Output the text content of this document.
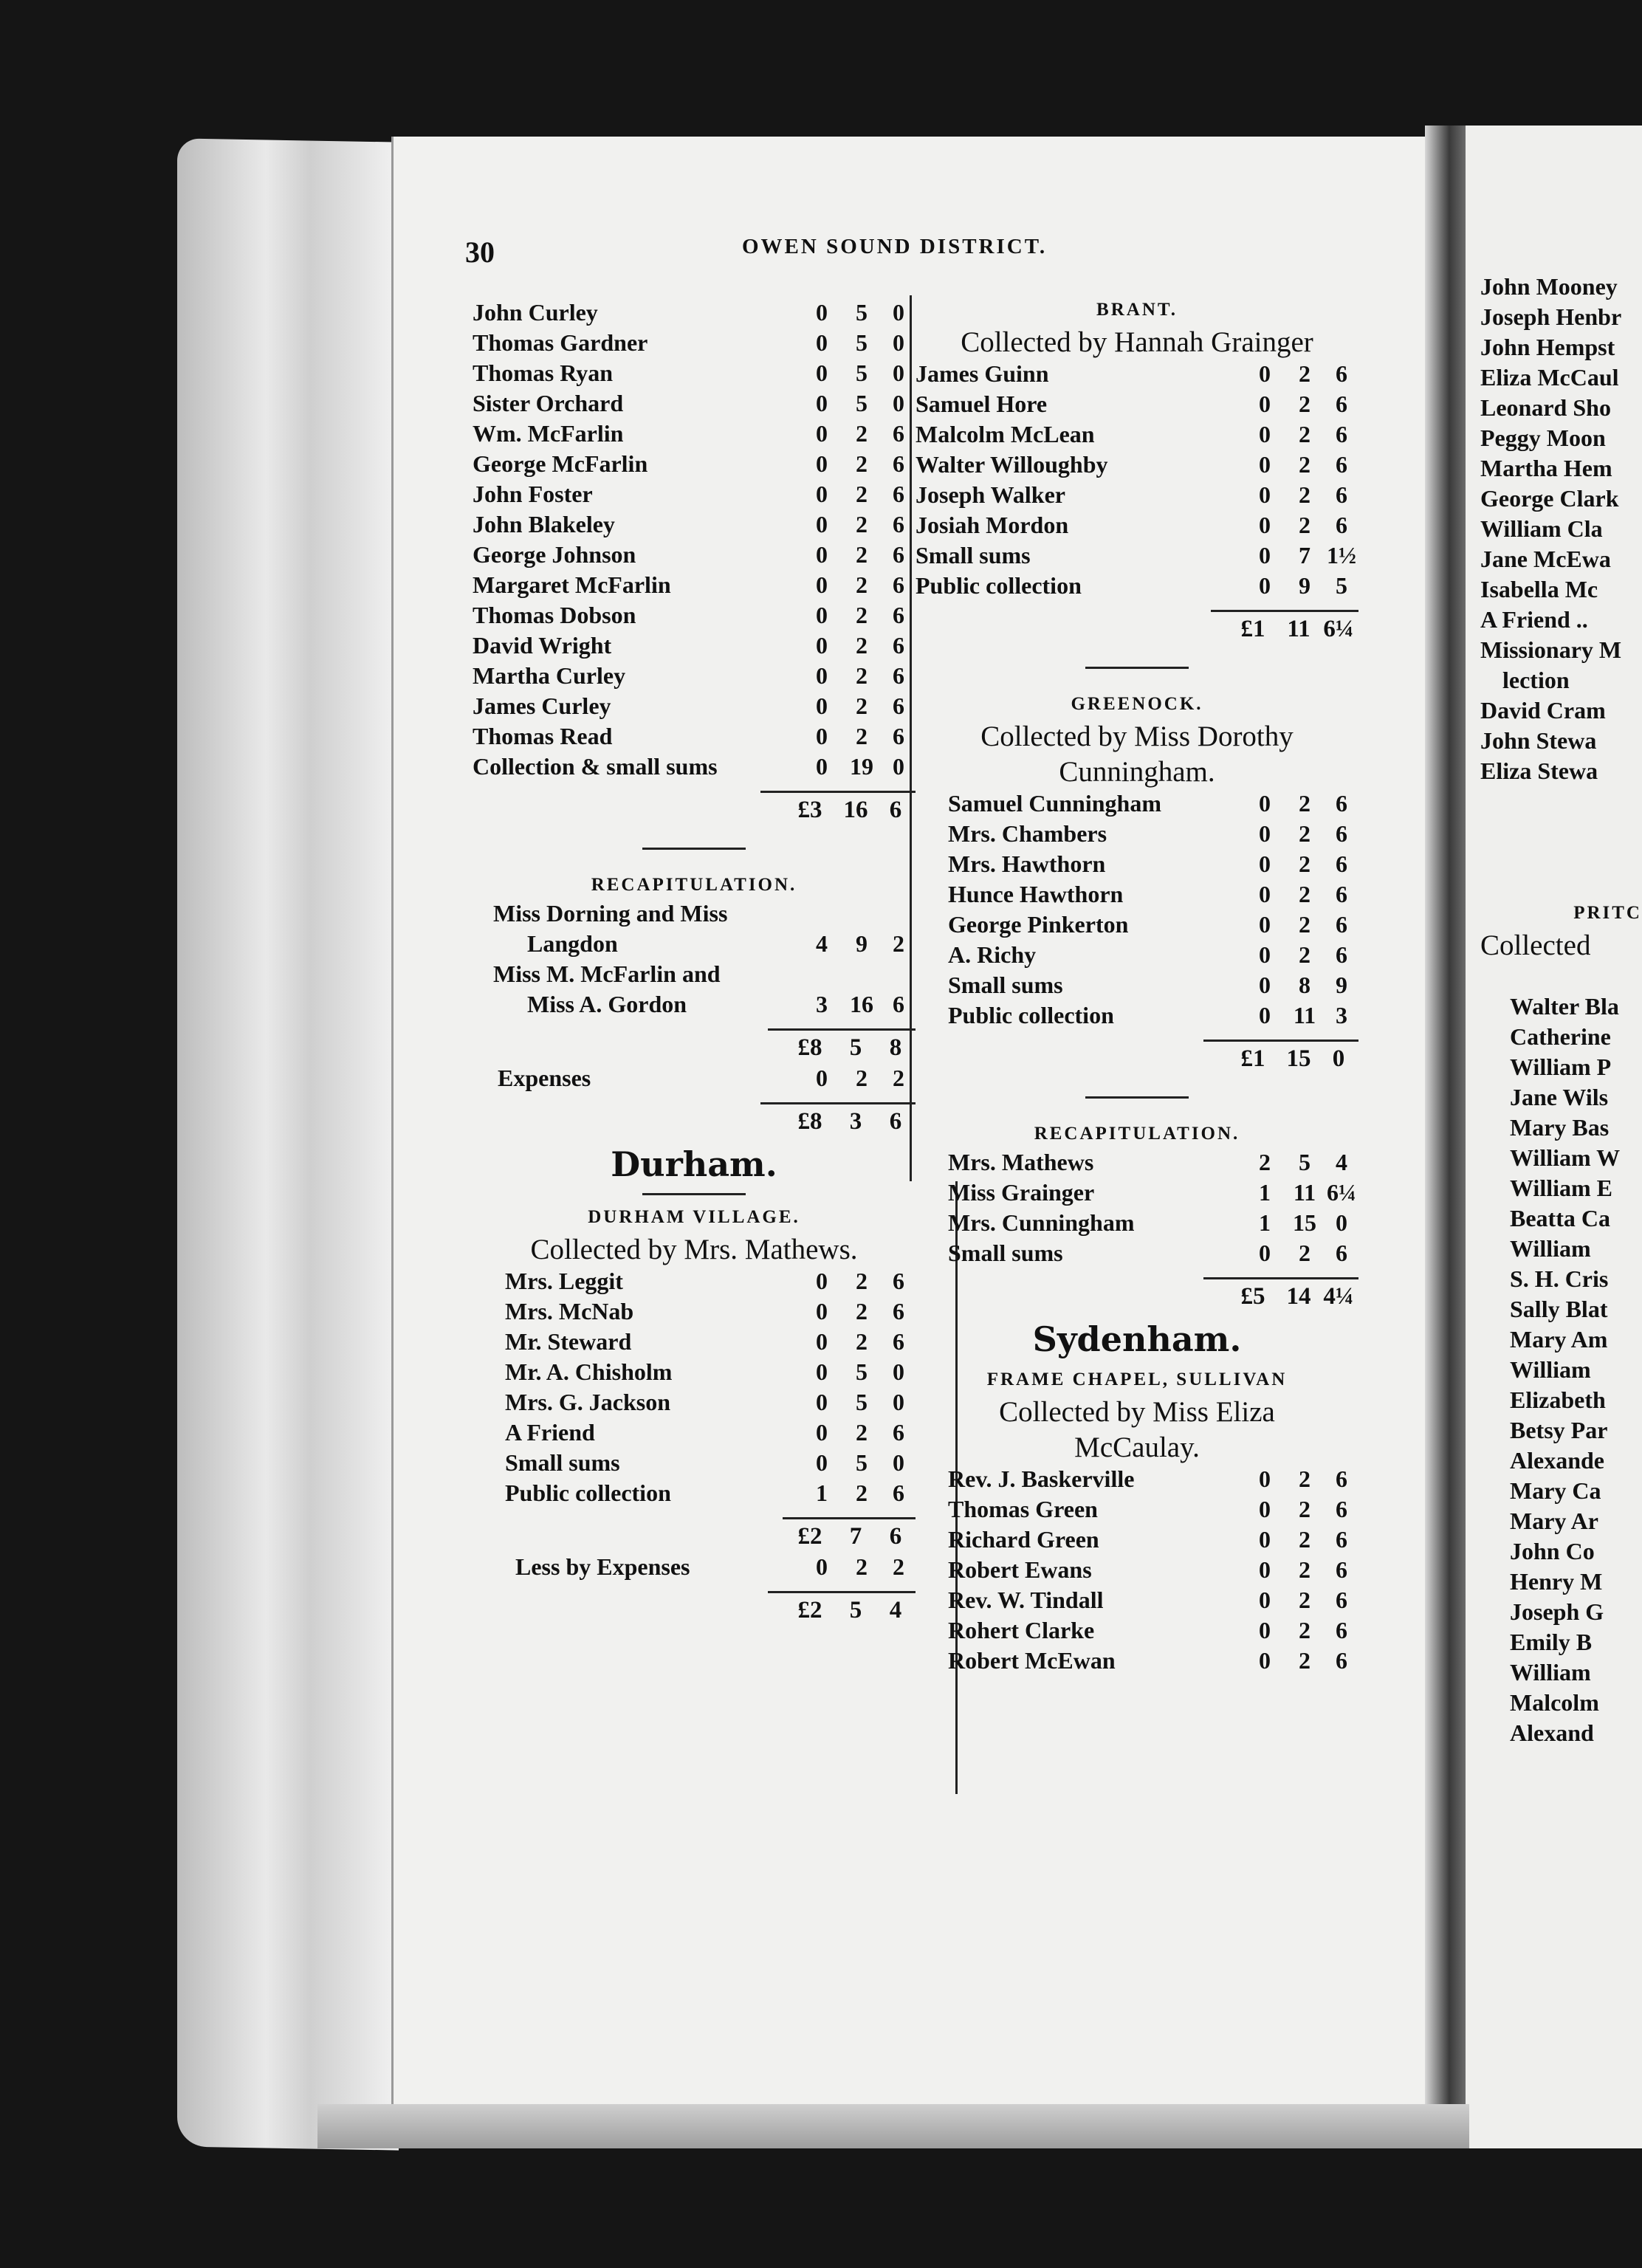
30	OWEN SOUND DISTRICT.
John Curley	0	5	0
Thomas Gardner	0	5	0
Thomas Ryan	0	5	0
Sister Orchard	0	5	0
Wm. McFarlin	0	2	6
George McFarlin	0	2	6
John Foster	0	2	6
John Blakeley	0	2	6
George Johnson	0	2	6
Margaret McFarlin	0	2	6
Thomas Dobson	0	2	6
David Wright	0	2	6
Martha Curley	0	2	6
James Curley	0	2	6
Thomas Read	0	2	6
Collection & small sums	0 19 0
£3 16 6
RECAPITULATION.
Miss Dorning and Miss
Langdon	4	9	2
Miss M. McFarlin and
Miss A. Gordon	3 16 6
£8	5	8
Expenses	0	2	2
£8	3	6
Durham.
DURHAM VILLAGE.
Collected by Mrs. Mathews.
Mrs. Leggit	0	2	6
Mrs. McNab	0	2	6
Mr. Steward	0	2	6
Mr. A. Chisholm	0	5	0
Mrs. G. Jackson	0	5	0
A Friend	0	2	6
Small sums	0	5	0
Public collection	1	2	6
£2	7	6
Less by Expenses	0	2	2
£2	5	4
BRANT.
Collected by Hannah Grainger
James Guinn	0	2	6
Samuel Hore	0	2	6
Malcolm McLean	0	2	6
Walter Willoughby	0	2	6
Joseph Walker	0	2	6
Josiah Mordon	0	2	6
Small sums	0	7 1½
Public collection	0	9	5
£1 11 6¼
GREENOCK.
Collected by Miss Dorothy
Cunningham.
Samuel Cunningham	0	2	6
Mrs. Chambers	0	2	6
Mrs. Hawthorn	0	2	6
Hunce Hawthorn	0	2	6
George Pinkerton	0	2	6
A. Richy	0	2	6
Small sums	0	8	9
Public collection	0 11 3
£1 15 0
RECAPITULATION.
Mrs. Mathews	2	5	4
Miss Grainger	1 11 6¼
Mrs. Cunningham	1 15 0
Small sums	0	2	6
£5 14 4¼
Sydenham.
FRAME CHAPEL, SULLIVAN
Collected by Miss Eliza
McCaulay.
Rev. J. Baskerville	0	2	6
Thomas Green	0	2	6
Richard Green	0	2	6
Robert Ewans	0	2	6
Rev. W. Tindall	0	2	6
Rohert Clarke	0	2	6
Robert McEwan	0	2	6
John Mooney
Joseph Henbr
John Hempst
Eliza McCaul
Leonard Sho
Peggy Moon
Martha Hem
George Clark
William Cla
Jane McEwa
Isabella Mc
A Friend ..
Missionary M
lection
David Cram
John Stewa
Eliza Stewa
PRITC
Collected
Walter Bla
Catherine
William P
Jane Wils
Mary Bas
William W
William E
Beatta Ca
William
S. H. Cris
Sally Blat
Mary Am
William
Elizabeth
Betsy Par
Alexande
Mary Ca
Mary Ar
John Co
Henry M
Joseph G
Emily B
William
Malcolm
Alexand
